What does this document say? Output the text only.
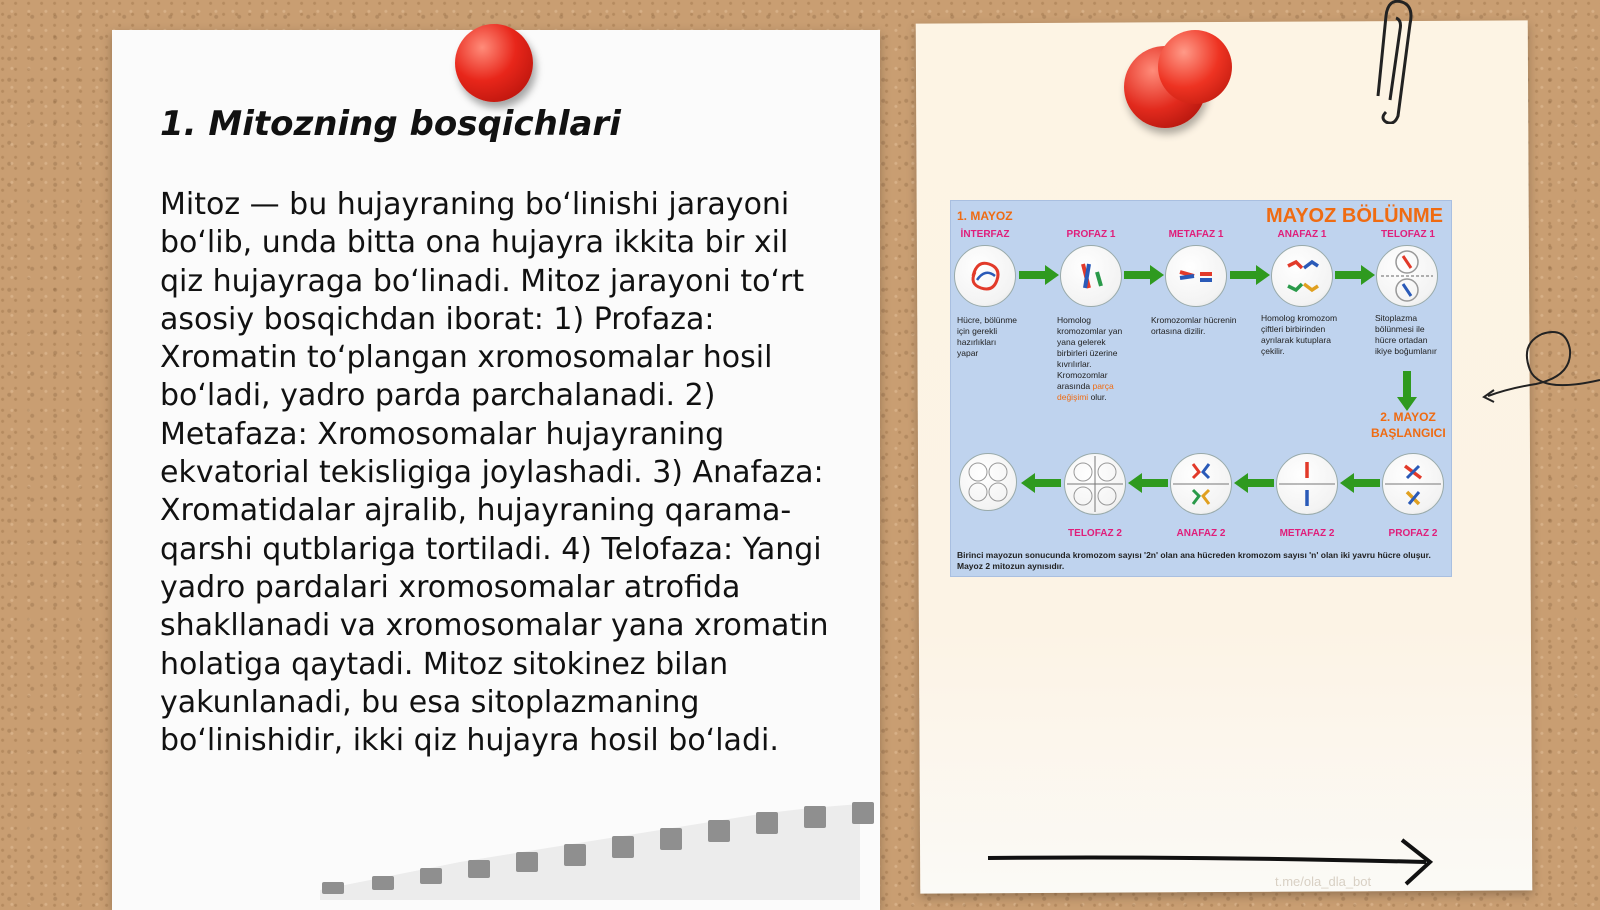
1. Mitozning bosqichlari

Mitoz — bu hujayraning boʻlinishi jarayoni boʻlib, unda bitta ona hujayra ikkita bir xil qiz hujayraga boʻlinadi. Mitoz jarayoni toʻrt asosiy bosqichdan iborat: 1) Profaza: Xromatin toʻplangan xromosomalar hosil boʻladi, yadro parda parchalanadi. 2) Metafaza: Xromosomalar hujayraning ekvatorial tekisligiga joylashadi. 3) Anafaza: Xromatidalar ajralib, hujayraning qarama-qarshi qutblariga tortiladi. 4) Telofaza: Yangi yadro pardalari xromosomalar atrofida shakllanadi va xromosomalar yana xromatin holatiga qaytadi. Mitoz sitokinez bilan yakunlanadi, bu esa sitoplazmaning boʻlinishidir, ikki qiz hujayra hosil boʻladi.

1. MAYOZ	MAYOZ BÖLÜNME
İNTERFAZ	PROFAZ 1	METAFAZ 1	ANAFAZ 1	TELOFAZ 1
Hücre, bölünme için gerekli hazırlıkları yapar
Homolog kromozomlar yan yana gelerek birbirleri üzerine kıvrılırlar. Kromozomlar arasında parça değişimi olur.
Kromozomlar hücrenin ortasına dizilir.
Homolog kromozom çiftleri birbirinden ayrılarak kutuplara çekilir.
Sitoplazma bölünmesi ile hücre ortadan ikiye boğumlanır
2. MAYOZ
BAŞLANGICI
TELOFAZ 2	ANAFAZ 2	METAFAZ 2	PROFAZ 2
Birinci mayozun sonucunda kromozom sayısı '2n' olan ana hücreden kromozom sayısı 'n' olan iki yavru hücre oluşur. Mayoz 2 mitozun aynısıdır.
t.me/ola_dla_bot
